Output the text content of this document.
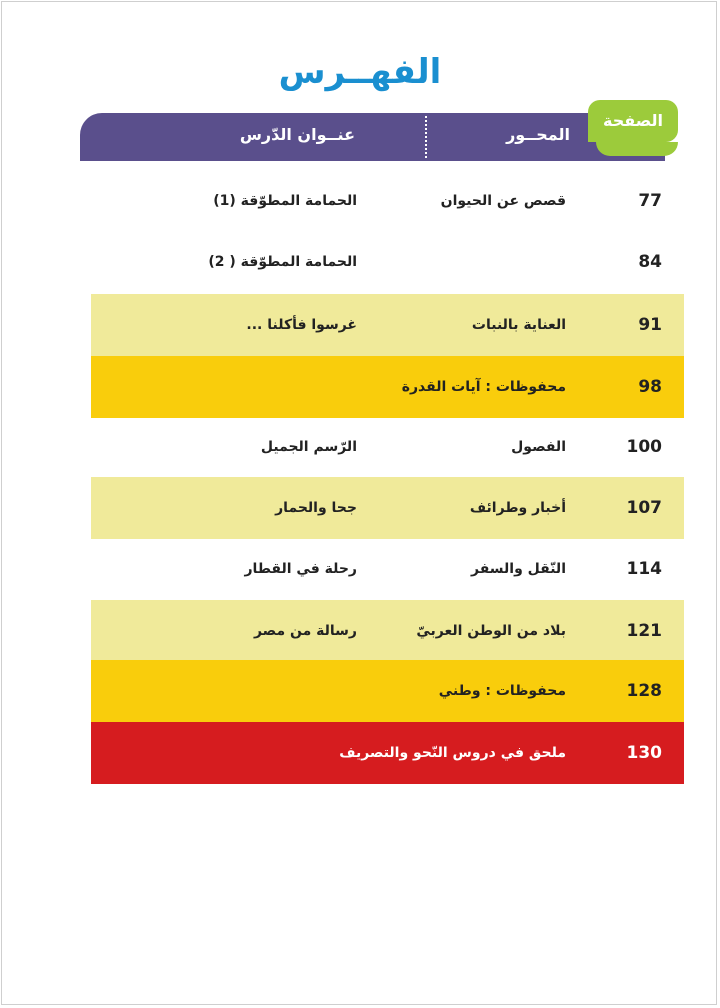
الفهــرس
عنــوان الدّرس	المحــور
الصفحة
77
قصص عن الحيوان
الحمامة المطوّقة (1)
84
الحمامة المطوّقة ( 2)
91
العناية بالنبات
غرسوا فأكلنا ...
98
محفوظات : آيات القدرة
100
الفصول
الرّسم الجميل
107
أخبار وطرائف
جحا والحمار
114
النّقل والسفر
رحلة في القطار
121
بلاد من الوطن العربيّ
رسالة من مصر
128
محفوظات : وطني
130
ملحق في دروس النّحو والتصريف
